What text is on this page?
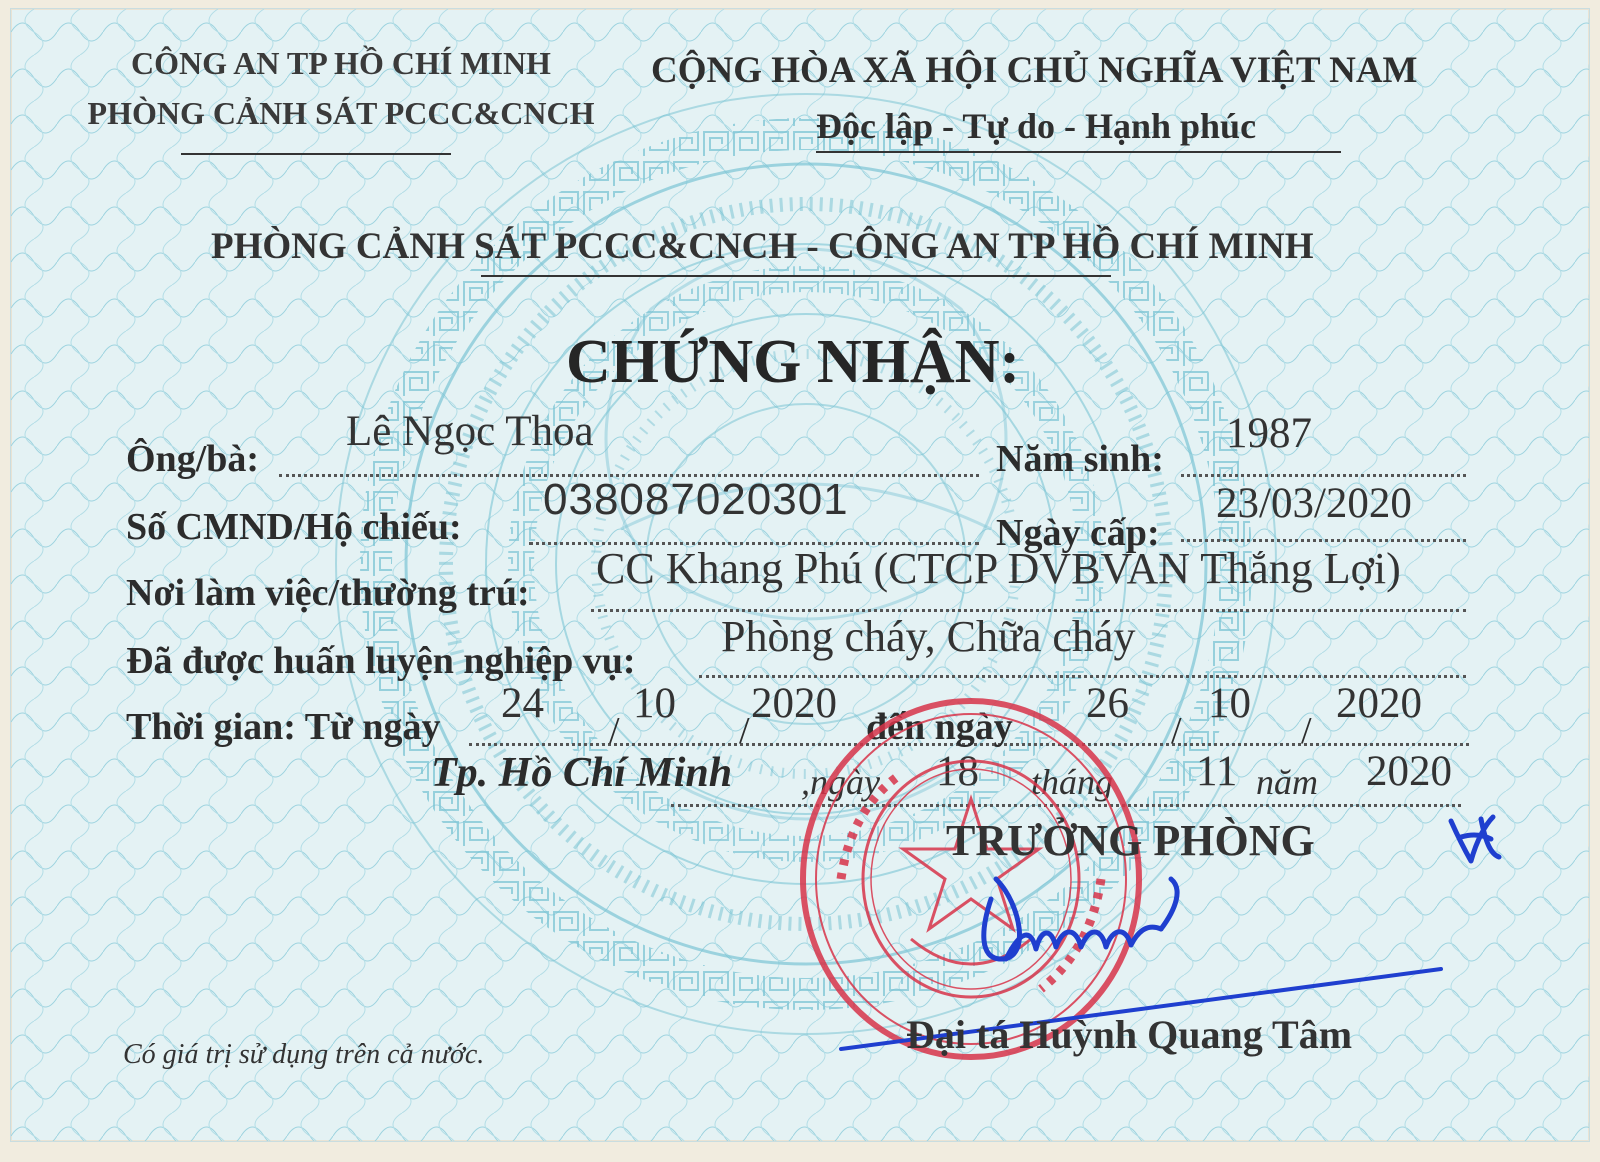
CÔNG AN TP HỒ CHÍ MINH
PHÒNG CẢNH SÁT PCCC&CNCH
CỘNG HÒA XÃ HỘI CHỦ NGHĨA VIỆT NAM
Độc lập - Tự do - Hạnh phúc
PHÒNG CẢNH SÁT PCCC&CNCH - CÔNG AN TP HỒ CHÍ MINH
CHỨNG NHẬN:
Ông/bà:
Lê Ngọc Thoa
Năm sinh:
1987
Số CMND/Hộ chiếu:
038087020301
Ngày cấp:
23/03/2020
Nơi làm việc/thường trú: CC Khang Phú (CTCP DVBVAN Thắng Lợi)
Đã được huấn luyện nghiệp vụ: Phòng cháy, Chữa cháy
Thời gian: Từ ngày 24
/
10
/
2020 đến ngày 26
/
10
/
2020
Tp. Hồ Chí Minh ,ngày 18 tháng 11 năm 2020
TRƯỞNG PHÒNG
Đại tá Huỳnh Quang Tâm
Có giá trị sử dụng trên cả nước.
